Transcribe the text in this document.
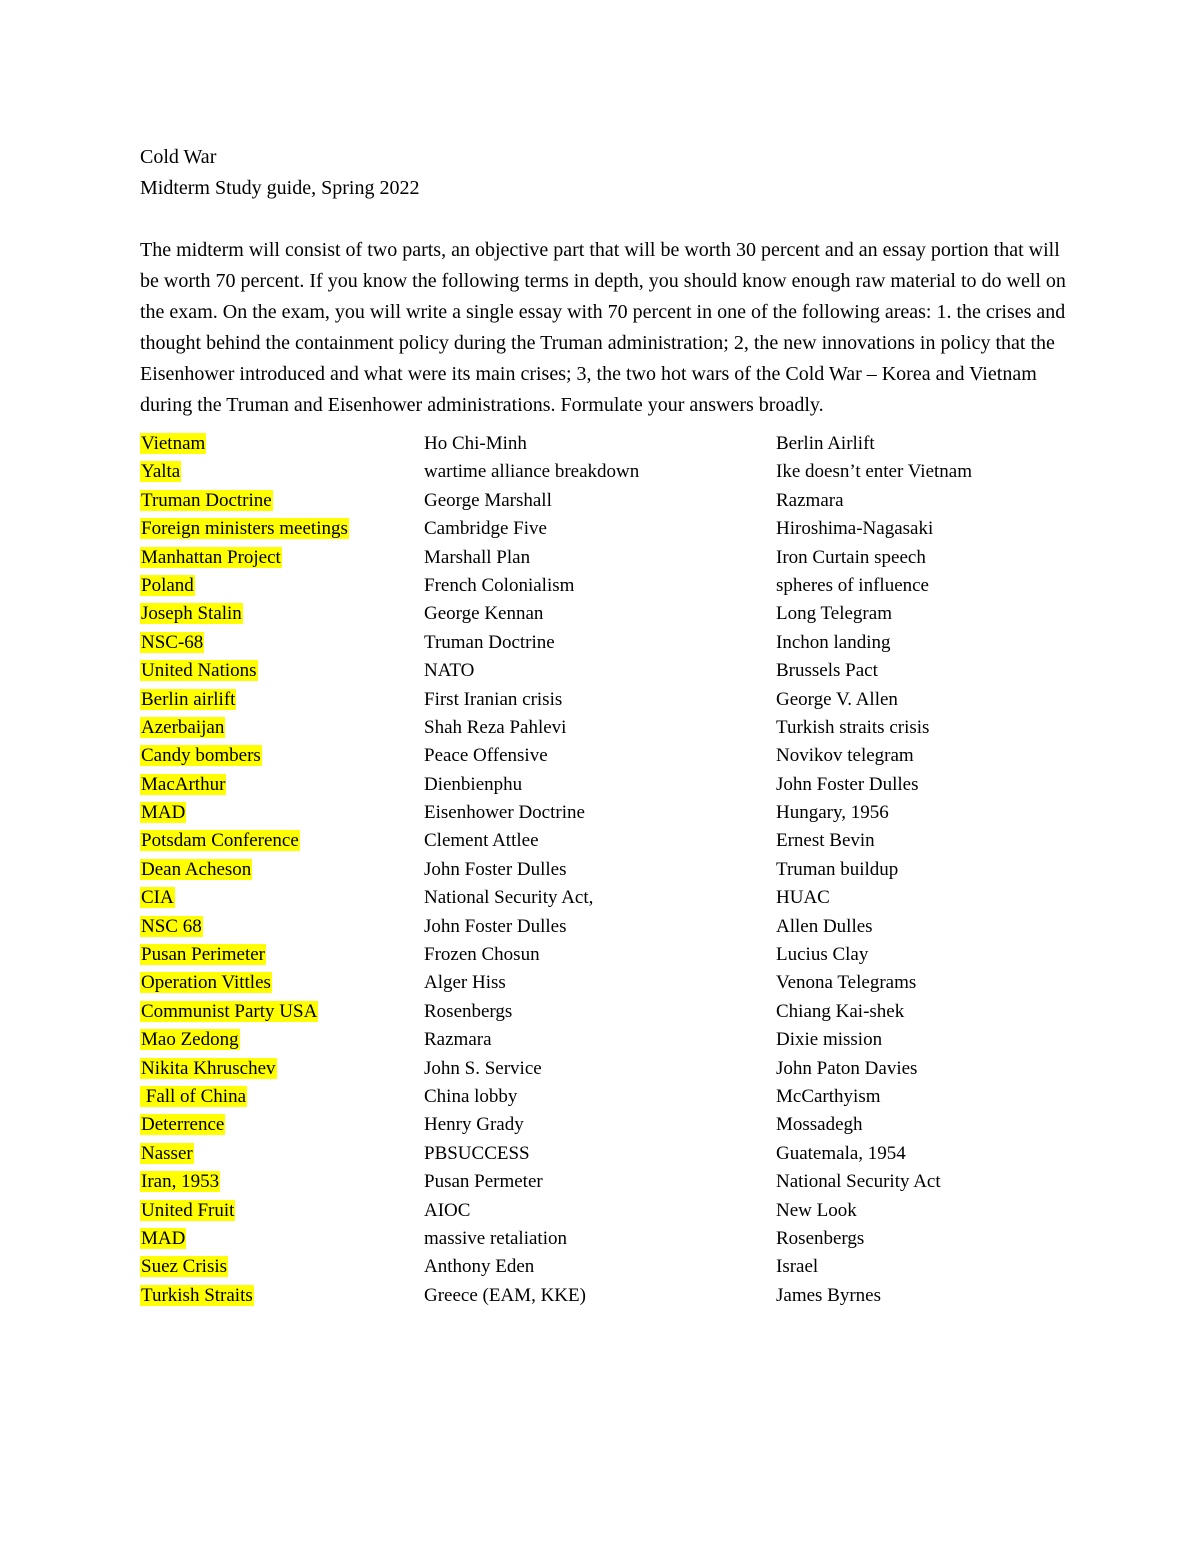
Cold War
Midterm Study guide, Spring 2022

The midterm will consist of two parts, an objective part that will be worth 30 percent and an essay portion that will be worth 70 percent. If you know the following terms in depth, you should know enough raw material to do well on the exam. On the exam, you will write a single essay with 70 percent in one of the following areas: 1. the crises and thought behind the containment policy during the Truman administration; 2, the new innovations in policy that the Eisenhower introduced and what were its main crises; 3, the two hot wars of the Cold War – Korea and Vietnam during the Truman and Eisenhower administrations. Formulate your answers broadly.

Vietnam	Ho Chi-Minh	Berlin Airlift
Yalta	wartime alliance breakdown	Ike doesn’t enter Vietnam
Truman Doctrine	George Marshall	Razmara
Foreign ministers meetings	Cambridge Five	Hiroshima-Nagasaki
Manhattan Project	Marshall Plan	Iron Curtain speech
Poland	French Colonialism	spheres of influence
Joseph Stalin	George Kennan	Long Telegram
NSC-68	Truman Doctrine	Inchon landing
United Nations	NATO	Brussels Pact
Berlin airlift	First Iranian crisis	George V. Allen
Azerbaijan	Shah Reza Pahlevi	Turkish straits crisis
Candy bombers	Peace Offensive	Novikov telegram
MacArthur	Dienbienphu	John Foster Dulles
MAD	Eisenhower Doctrine	Hungary, 1956
Potsdam Conference	Clement Attlee	Ernest Bevin
Dean Acheson	John Foster Dulles	Truman buildup
CIA	National Security Act,	HUAC
NSC 68	John Foster Dulles	Allen Dulles
Pusan Perimeter	Frozen Chosun	Lucius Clay
Operation Vittles	Alger Hiss	Venona Telegrams
Communist Party USA	Rosenbergs	Chiang Kai-shek
Mao Zedong	Razmara	Dixie mission
Nikita Khruschev	John S. Service	John Paton Davies
Fall of China	China lobby	McCarthyism
Deterrence	Henry Grady	Mossadegh
Nasser	PBSUCCESS	Guatemala, 1954
Iran, 1953	Pusan Permeter	National Security Act
United Fruit	AIOC	New Look
MAD	massive retaliation	Rosenbergs
Suez Crisis	Anthony Eden	Israel
Turkish Straits	Greece (EAM, KKE)	James Byrnes
